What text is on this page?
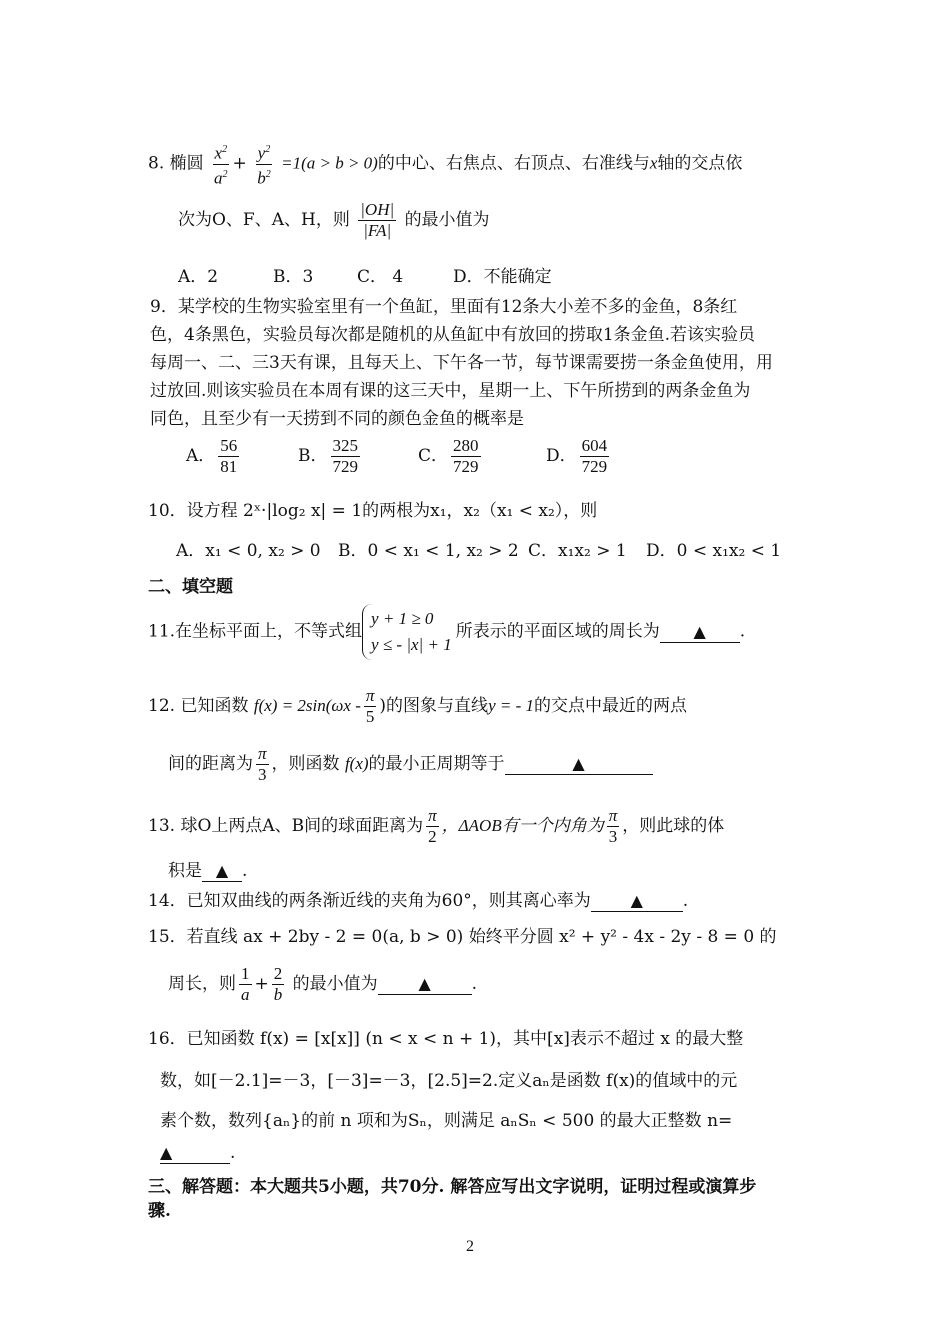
8. 椭圆 $\frac{x^2}{a^2} + \frac{y^2}{b^2} =1(a > b > 0)$的中心、右焦点、右顶点、右准线与x轴的交点依
次为O、F、A、H，则 $\frac{|OH|}{|FA|}$ 的最小值为
A．2	B．3	C． 4	D．不能确定
9．某学校的生物实验室里有一个鱼缸，里面有12条大小差不多的金鱼，8条红
色，4条黑色，实验员每次都是随机的从鱼缸中有放回的捞取1条金鱼.若该实验员
每周一、二、三3天有课，且每天上、下午各一节，每节课需要捞一条金鱼使用，用
过放回.则该实验员在本周有课的这三天中，星期一上、下午所捞到的两条金鱼为
同色，且至少有一天捞到不同的颜色金鱼的概率是
A． $\frac{56}{81}$	B． $\frac{325}{729}$	C． $\frac{280}{729}$	D． $\frac{604}{729}$
10．设方程 2ˣ·|log₂ x| = 1的两根为x₁，x₂（x₁ < x₂），则
A．x₁ < 0, x₂ > 0 B．0 < x₁ < 1, x₂ > 2 C．x₁x₂ > 1 D．0 < x₁x₂ < 1
二、填空题
11.在坐标平面上，不等式组y + 1 ≥ 0
y ≤ - |x| + 1所表示的平面区域的周长为 ▲ .
12. 已知函数 $f(x) = 2\sin(\omega x - \frac{\pi}{5}$ )的图象与直线y = - 1的交点中最近的两点
间的距离为 $\frac{\pi}{3}$ ，则函数 f(x)的最小正周期等于	▲
13. 球O上两点A、B间的球面距离为 $\frac{\pi}{2}$ ，ΔAOB有一个内角为 $\frac{\pi}{3}$ ，则此球的体
积是 ▲ .
14．已知双曲线的两条渐近线的夹角为60°，则其离心率为 ▲ .
15．若直线 ax + 2by - 2 = 0(a, b > 0) 始终平分圆 x² + y² - 4x - 2y - 8 = 0 的
周长，则 $\frac{1}{a} + \frac{2}{b}$ 的最小值为	▲ .
16．已知函数 f(x) = [x[x]] (n < x < n + 1)，其中[x]表示不超过 x 的最大整
数，如[－2.1]=－3，[－3]=－3，[2.5]=2.定义aₙ是函数 f(x)的值域中的元
素个数，数列{aₙ}的前 n 项和为Sₙ，则满足 aₙSₙ < 500 的最大正整数 n=
▲	.
三、解答题：本大题共5小题，共70分. 解答应写出文字说明，证明过程或演算步
骤.
2
